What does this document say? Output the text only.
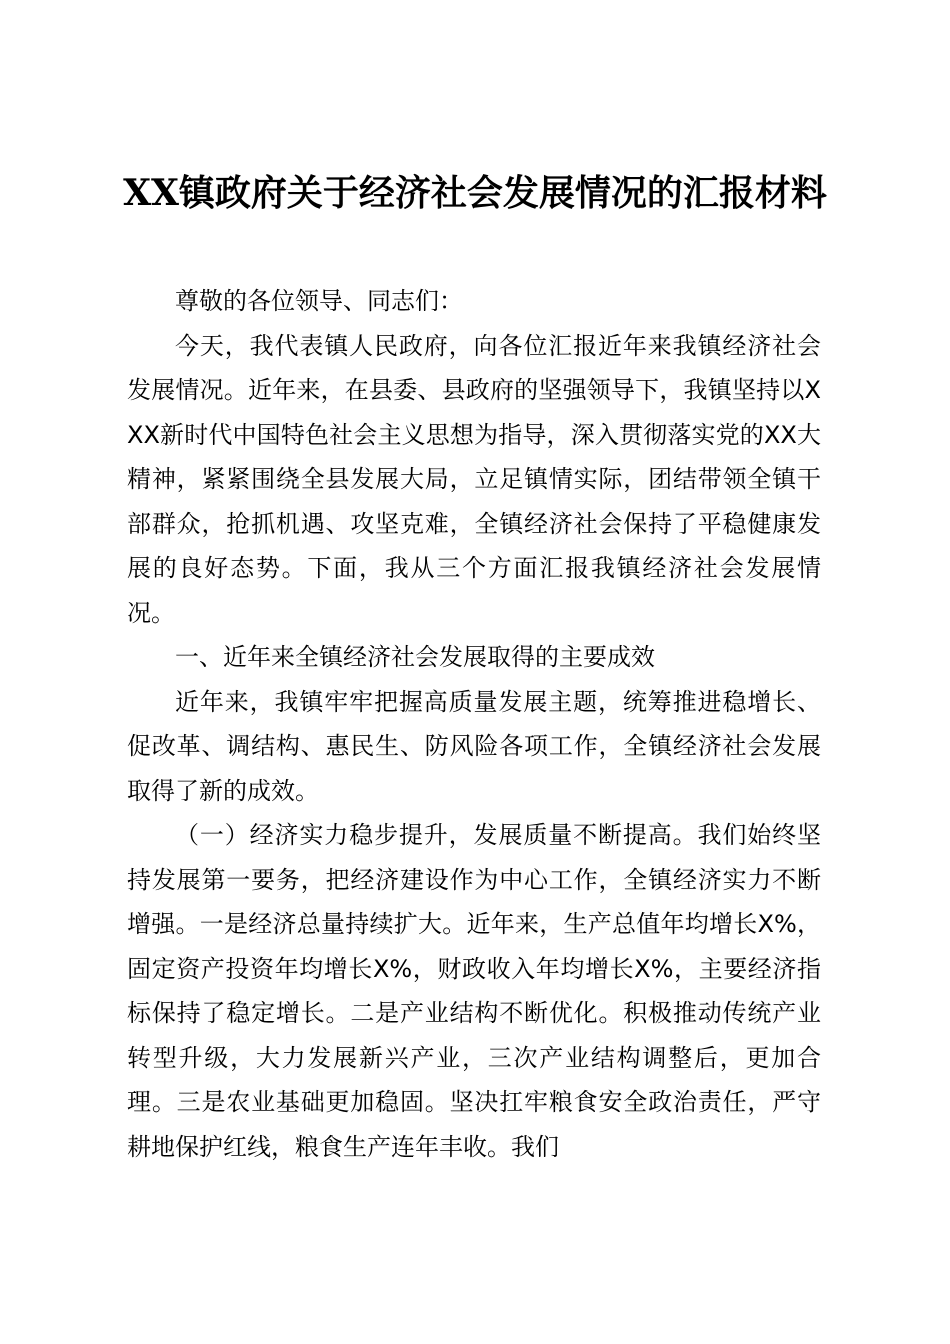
XX镇政府关于经济社会发展情况的汇报材料

尊敬的各位领导、同志们：

今天，我代表镇人民政府，向各位汇报近年来我镇经济社会发展情况。近年来，在县委、县政府的坚强领导下，我镇坚持以XXX新时代中国特色社会主义思想为指导，深入贯彻落实党的XX大精神，紧紧围绕全县发展大局，立足镇情实际，团结带领全镇干部群众，抢抓机遇、攻坚克难，全镇经济社会保持了平稳健康发展的良好态势。下面，我从三个方面汇报我镇经济社会发展情况。

一、近年来全镇经济社会发展取得的主要成效

近年来，我镇牢牢把握高质量发展主题，统筹推进稳增长、促改革、调结构、惠民生、防风险各项工作，全镇经济社会发展取得了新的成效。

（一）经济实力稳步提升，发展质量不断提高。我们始终坚持发展第一要务，把经济建设作为中心工作，全镇经济实力不断增强。一是经济总量持续扩大。近年来，生产总值年均增长X%，固定资产投资年均增长X%，财政收入年均增长X%，主要经济指标保持了稳定增长。二是产业结构不断优化。积极推动传统产业转型升级，大力发展新兴产业，三次产业结构调整后，更加合理。三是农业基础更加稳固。坚决扛牢粮食安全政治责任，严守耕地保护红线，粮食生产连年丰收。我们
